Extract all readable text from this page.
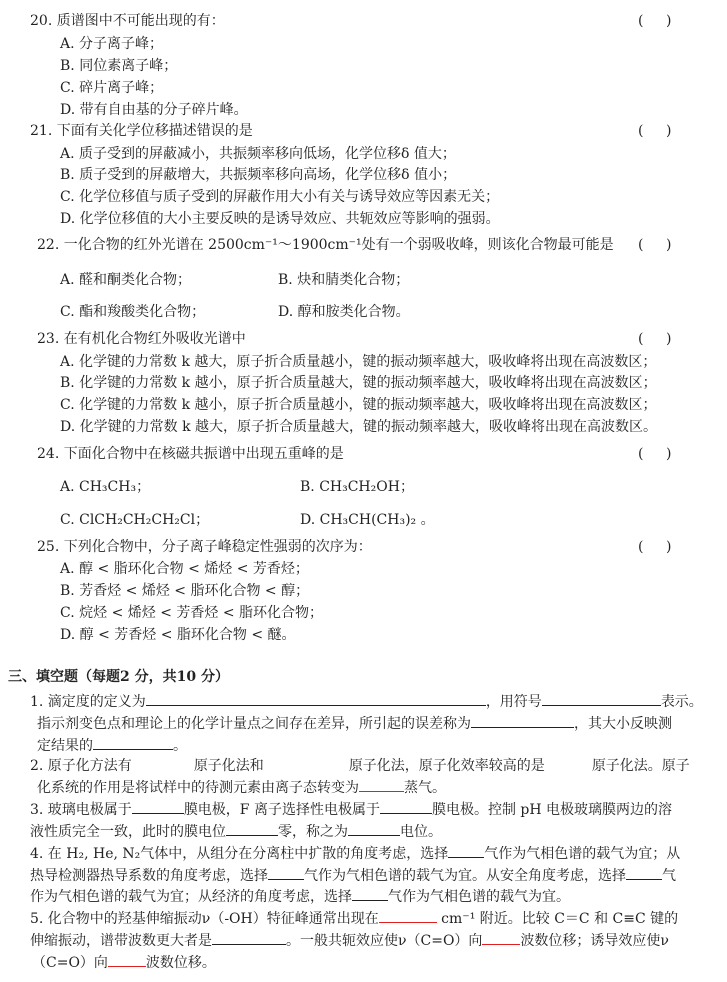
20. 质谱图中不可能出现的有：	( )
A. 分子离子峰；
B. 同位素离子峰；
C. 碎片离子峰；
D. 带有自由基的分子碎片峰。
21. 下面有关化学位移描述错误的是	( )
A. 质子受到的屏蔽减小，共振频率移向低场，化学位移δ 值大；
B. 质子受到的屏蔽增大，共振频率移向高场，化学位移δ 值小；
C. 化学位移值与质子受到的屏蔽作用大小有关与诱导效应等因素无关；
D. 化学位移值的大小主要反映的是诱导效应、共轭效应等影响的强弱。
22. 一化合物的红外光谱在 2500cm⁻¹～1900cm⁻¹处有一个弱吸收峰，则该化合物最可能是 ( )
A. 醛和酮类化合物；	B. 炔和腈类化合物；
C. 酯和羧酸类化合物；	D. 醇和胺类化合物。
23. 在有机化合物红外吸收光谱中	( )
A. 化学键的力常数 k 越大，原子折合质量越小，键的振动频率越大，吸收峰将出现在高波数区；
B. 化学键的力常数 k 越小，原子折合质量越大，键的振动频率越大，吸收峰将出现在高波数区；
C. 化学键的力常数 k 越小，原子折合质量越小，键的振动频率越大，吸收峰将出现在高波数区；
D. 化学键的力常数 k 越大，原子折合质量越大，键的振动频率越大，吸收峰将出现在高波数区。
24. 下面化合物中在核磁共振谱中出现五重峰的是	( )
A. CH₃CH₃；	B. CH₃CH₂OH；
C. ClCH₂CH₂CH₂Cl；	D. CH₃CH(CH₃)₂ 。
25. 下列化合物中，分子离子峰稳定性强弱的次序为：	( )
A. 醇 < 脂环化合物 < 烯烃 < 芳香烃；
B. 芳香烃 < 烯烃 < 脂环化合物 < 醇；
C. 烷烃 < 烯烃 < 芳香烃 < 脂环化合物；
D. 醇 < 芳香烃 < 脂环化合物 < 醚。
三、填空题（每题2 分，共10 分）
1. 滴定度的定义为	，用符号	表示。
指示剂变色点和理论上的化学计量点之间存在差异，所引起的误差称为	，其大小反映测
定结果的	。
2. 原子化方法有	原子化法和	原子化法，原子化效率较高的是	原子化法。原子
化系统的作用是将试样中的待测元素由离子态转变为	蒸气。
3. 玻璃电极属于	膜电极，F 离子选择性电极属于	膜电极。控制 pH 电极玻璃膜两边的溶
液性质完全一致，此时的膜电位	零，称之为	电位。
4. 在 H₂, He, N₂气体中，从组分在分离柱中扩散的角度考虑，选择	气作为气相色谱的载气为宜；从
热导检测器热导系数的角度考虑，选择	气作为气相色谱的载气为宜。从安全角度考虑，选择	气
作为气相色谱的载气为宜；从经济的角度考虑，选择	气作为气相色谱的载气为宜。
5. 化合物中的羟基伸缩振动ν（-OH）特征峰通常出现在	cm⁻¹ 附近。比较 C＝C 和 C≡C 键的
伸缩振动，谱带波数更大者是	。一般共轭效应使ν（C=O）向	波数位移；诱导效应使ν
（C=O）向	波数位移。
